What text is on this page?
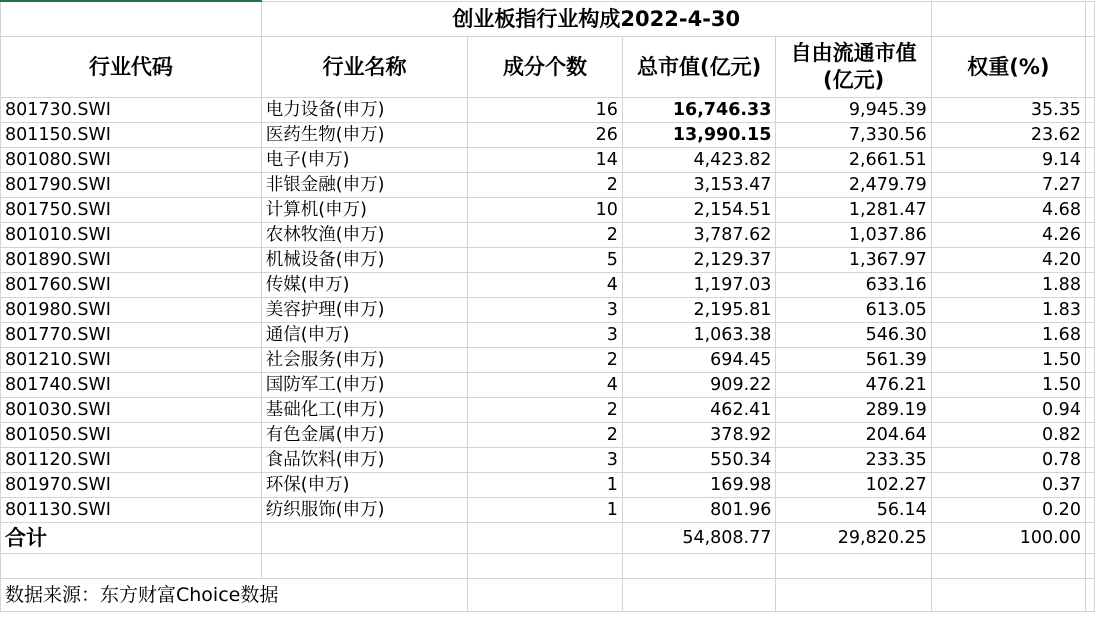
	创业板指行业构成2022-4-30					
行业代码	行业名称	成分个数	总市值(亿元)	自由流通市值(亿元)	权重(%)	
801730.SWI	电力设备(申万)	16	16,746.33	9,945.39	35.35	
801150.SWI	医药生物(申万)	26	13,990.15	7,330.56	23.62	
801080.SWI	电子(申万)	14	4,423.82	2,661.51	9.14	
801790.SWI	非银金融(申万)	2	3,153.47	2,479.79	7.27	
801750.SWI	计算机(申万)	10	2,154.51	1,281.47	4.68	
801010.SWI	农林牧渔(申万)	2	3,787.62	1,037.86	4.26	
801890.SWI	机械设备(申万)	5	2,129.37	1,367.97	4.20	
801760.SWI	传媒(申万)	4	1,197.03	633.16	1.88	
801980.SWI	美容护理(申万)	3	2,195.81	613.05	1.83	
801770.SWI	通信(申万)	3	1,063.38	546.30	1.68	
801210.SWI	社会服务(申万)	2	694.45	561.39	1.50	
801740.SWI	国防军工(申万)	4	909.22	476.21	1.50	
801030.SWI	基础化工(申万)	2	462.41	289.19	0.94	
801050.SWI	有色金属(申万)	2	378.92	204.64	0.82	
801120.SWI	食品饮料(申万)	3	550.34	233.35	0.78	
801970.SWI	环保(申万)	1	169.98	102.27	0.37	
801130.SWI	纺织服饰(申万)	1	801.96	56.14	0.20	
合计			54,808.77	29,820.25	100.00	

数据来源：东方财富Choice数据						
